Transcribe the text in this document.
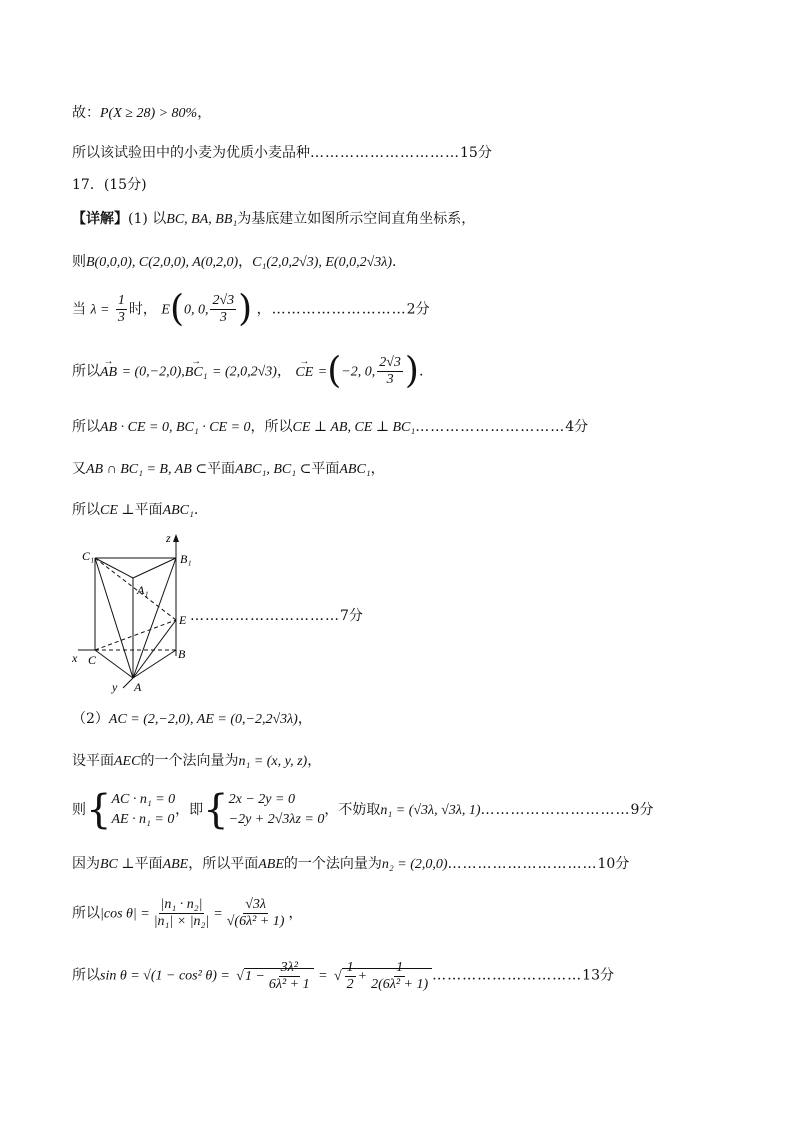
故：P(X ≥ 28) > 80%，
所以该试验田中的小麦为优质小麦品种…………………………15分
17．(15分)
【详解】(1) 以BC, BA, BB₁为基底建立如图所示空间直角坐标系，
则B(0,0,0), C(2,0,0), A(0,2,0)，C₁(2,0,2√3), E(0,0,2√3λ).
当 $\lambda = \frac{1}{3}$ 时， E(0, 0, $\frac{2√3}{3}$ ) ，………………………2分
所以→ AB = (0,−2,0),→ BC₁ = (2,0,2√3)， → CE =(−2, 0, $\frac{2√3}{3}$ ).
所以AB · CE = 0, BC₁ · CE = 0，所以CE ⊥ AB, CE ⊥ BC₁…………………………4分
又AB ∩ BC₁ = B, AB ⊂平面ABC₁, BC₁ ⊂平面ABC₁，
所以CE ⊥平面ABC₁.
C₁
z
B₁
A₁
E
x C	B
y A
…………………………7分
（2）AC = (2,−2,0), AE = (0,−2,2√3λ)，
设平面AEC的一个法向量为n₁ = (x, y, z)，
则{ AC · n₁ = 0
AE · n₁ = 0
，即{ 2x − 2y = 0
−2y + 2√3λz = 0
，不妨取n₁ = (√3λ, √3λ, 1)…………………………9分
因为BC ⊥平面ABE，所以平面ABE的一个法向量为n₂ = (2,0,0)…………………………10分
所以|cos $\theta| = \frac{\text{|n₁ · n₂|}}{\text{|n₁| × |n₂|}} = \frac{√3\lambda}{\text{√(6λ² + 1)}}$ ，
所以sin θ = √(1 − cos² θ) = √ $1 - \frac{\text{3λ²}}{\text{6λ² + 1}}$ = √ $\frac{1}{2} + \frac{1}{\text{2(6λ² + 1)}}$ …………………………13分
